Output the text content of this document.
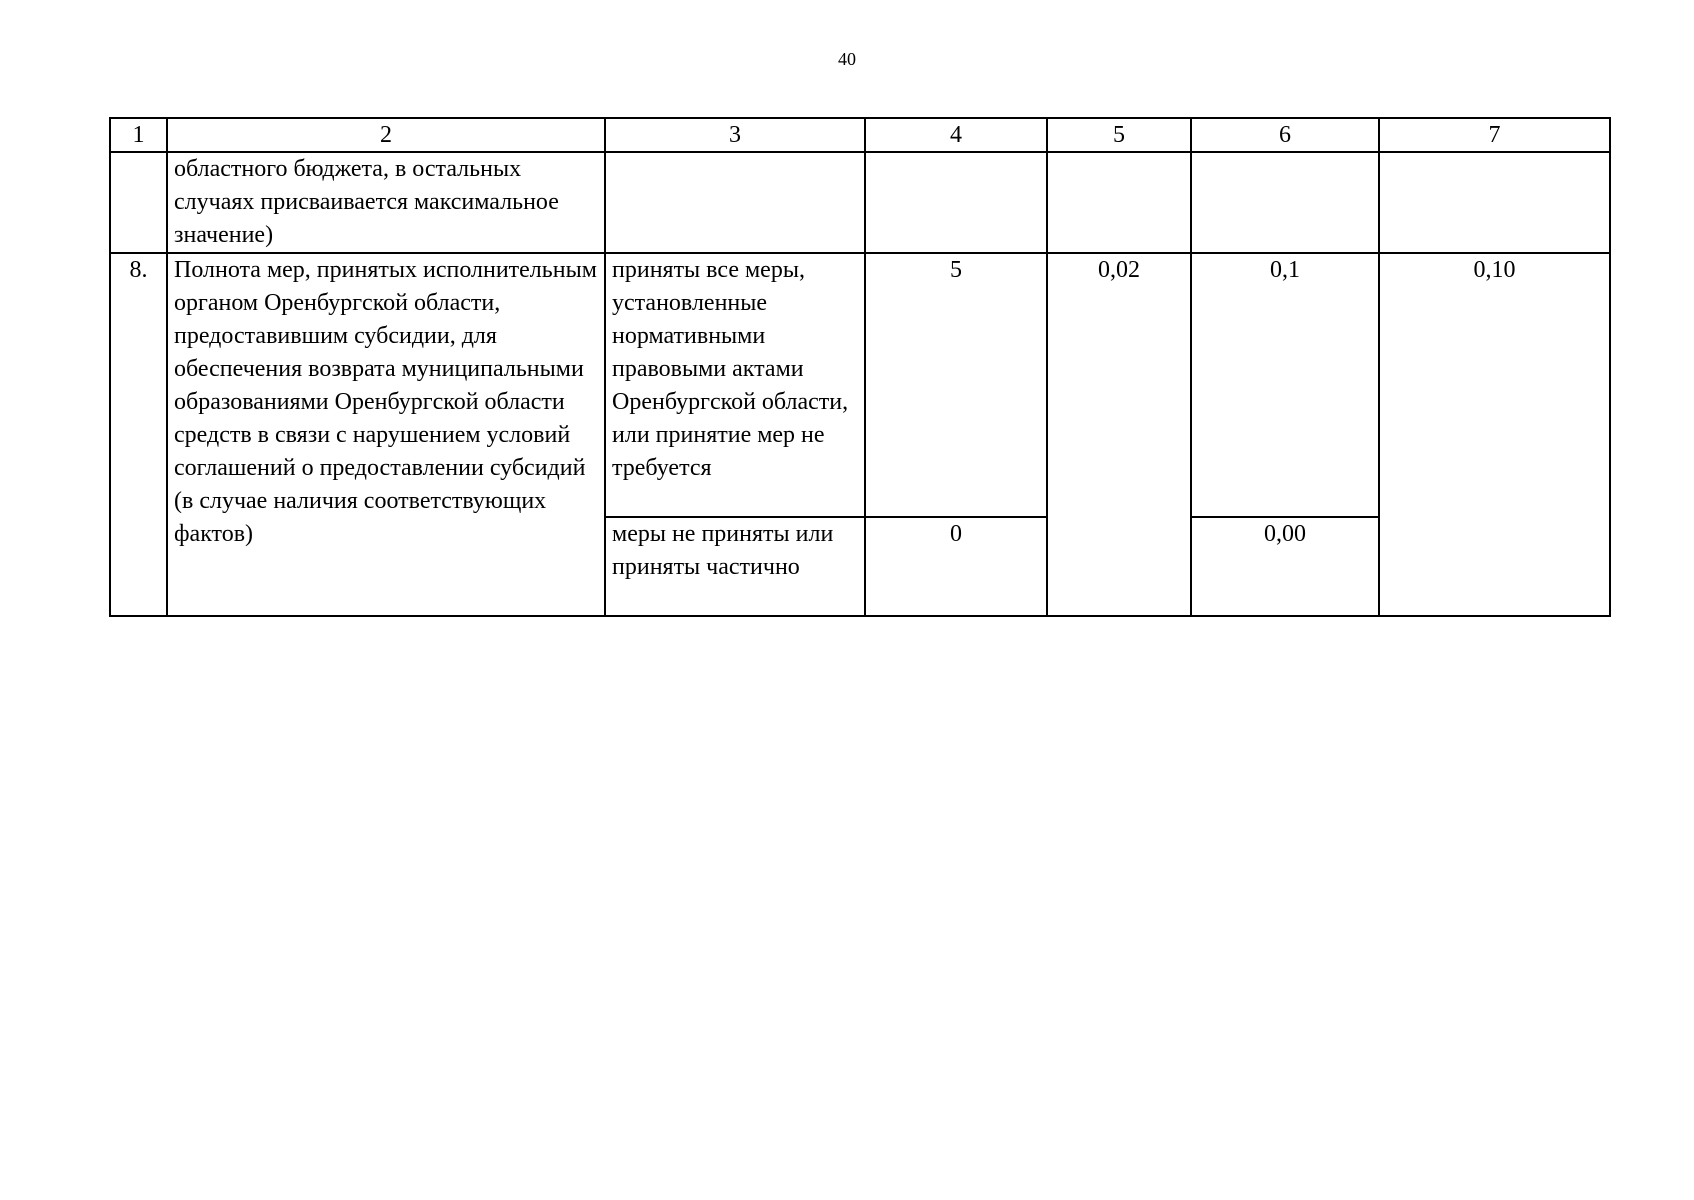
40
1	2	3	4	5	6	7
	областного бюджета, в остальных случаях присваивается максимальное значение)					
8.	Полнота мер, принятых исполнительным органом Оренбургской области, предоставившим субсидии, для обеспечения возврата муниципальными образованиями Оренбургской области средств в связи с нарушением условий соглашений о предоставлении субсидий (в случае наличия соответствующих фактов)	приняты все меры, установленные нормативными правовыми актами Оренбургской области, или принятие мер не требуется	5	0,02	0,1	0,10
		меры не приняты или приняты частично	0		0,00	
